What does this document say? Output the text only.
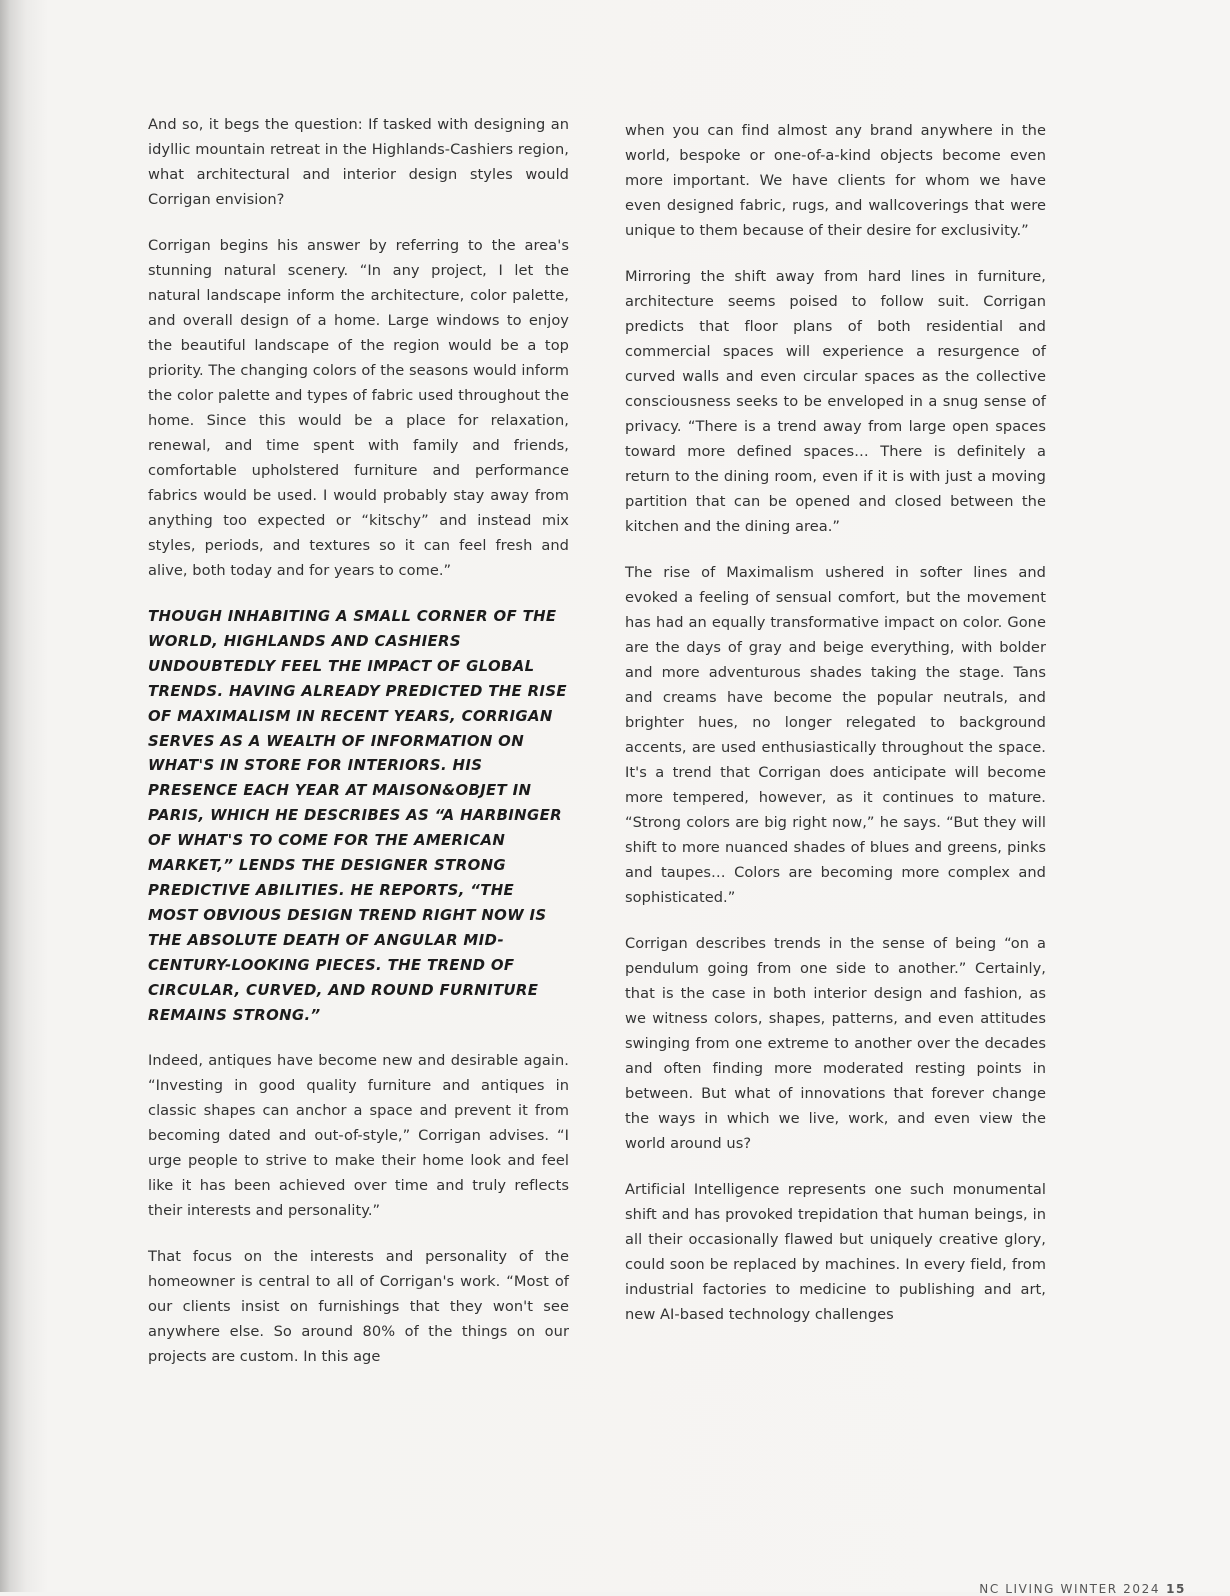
And so, it begs the question: If tasked with designing an idyllic mountain retreat in the Highlands-Cashiers region, what architectural and interior design styles would Corrigan envision?

Corrigan begins his answer by referring to the area's stunning natural scenery. “In any project, I let the natural landscape inform the architecture, color palette, and overall design of a home. Large windows to enjoy the beautiful landscape of the region would be a top priority. The changing colors of the seasons would inform the color palette and types of fabric used throughout the home. Since this would be a place for relaxation, renewal, and time spent with family and friends, comfortable upholstered furniture and performance fabrics would be used. I would probably stay away from anything too expected or “kitschy” and instead mix styles, periods, and textures so it can feel fresh and alive, both today and for years to come.”

THOUGH INHABITING A SMALL CORNER OF THE WORLD, HIGHLANDS AND CASHIERS UNDOUBTEDLY FEEL THE IMPACT OF GLOBAL TRENDS. HAVING ALREADY PREDICTED THE RISE OF MAXIMALISM IN RECENT YEARS, CORRIGAN SERVES AS A WEALTH OF INFORMATION ON WHAT'S IN STORE FOR INTERIORS. HIS PRESENCE EACH YEAR AT MAISON&OBJET IN PARIS, WHICH HE DESCRIBES AS “A HARBINGER OF WHAT'S TO COME FOR THE AMERICAN MARKET,” LENDS THE DESIGNER STRONG PREDICTIVE ABILITIES. HE REPORTS, “THE MOST OBVIOUS DESIGN TREND RIGHT NOW IS THE ABSOLUTE DEATH OF ANGULAR MID-CENTURY-LOOKING PIECES. THE TREND OF CIRCULAR, CURVED, AND ROUND FURNITURE REMAINS STRONG.”

Indeed, antiques have become new and desirable again. “Investing in good quality furniture and antiques in classic shapes can anchor a space and prevent it from becoming dated and out-of-style,” Corrigan advises. “I urge people to strive to make their home look and feel like it has been achieved over time and truly reflects their interests and personality.”

That focus on the interests and personality of the homeowner is central to all of Corrigan's work. “Most of our clients insist on furnishings that they won't see anywhere else. So around 80% of the things on our projects are custom. In this age

when you can find almost any brand anywhere in the world, bespoke or one-of-a-kind objects become even more important. We have clients for whom we have even designed fabric, rugs, and wallcoverings that were unique to them because of their desire for exclusivity.”

Mirroring the shift away from hard lines in furniture, architecture seems poised to follow suit. Corrigan predicts that floor plans of both residential and commercial spaces will experience a resurgence of curved walls and even circular spaces as the collective consciousness seeks to be enveloped in a snug sense of privacy. “There is a trend away from large open spaces toward more defined spaces… There is definitely a return to the dining room, even if it is with just a moving partition that can be opened and closed between the kitchen and the dining area.”

The rise of Maximalism ushered in softer lines and evoked a feeling of sensual comfort, but the movement has had an equally transformative impact on color. Gone are the days of gray and beige everything, with bolder and more adventurous shades taking the stage. Tans and creams have become the popular neutrals, and brighter hues, no longer relegated to background accents, are used enthusiastically throughout the space. It's a trend that Corrigan does anticipate will become more tempered, however, as it continues to mature. “Strong colors are big right now,” he says. “But they will shift to more nuanced shades of blues and greens, pinks and taupes… Colors are becoming more complex and sophisticated.”

Corrigan describes trends in the sense of being “on a pendulum going from one side to another.” Certainly, that is the case in both interior design and fashion, as we witness colors, shapes, patterns, and even attitudes swinging from one extreme to another over the decades and often finding more moderated resting points in between. But what of innovations that forever change the ways in which we live, work, and even view the world around us?

Artificial Intelligence represents one such monumental shift and has provoked trepidation that human beings, in all their occasionally flawed but uniquely creative glory, could soon be replaced by machines. In every field, from industrial factories to medicine to publishing and art, new AI-based technology challenges

NC LIVING WINTER 2024 15
